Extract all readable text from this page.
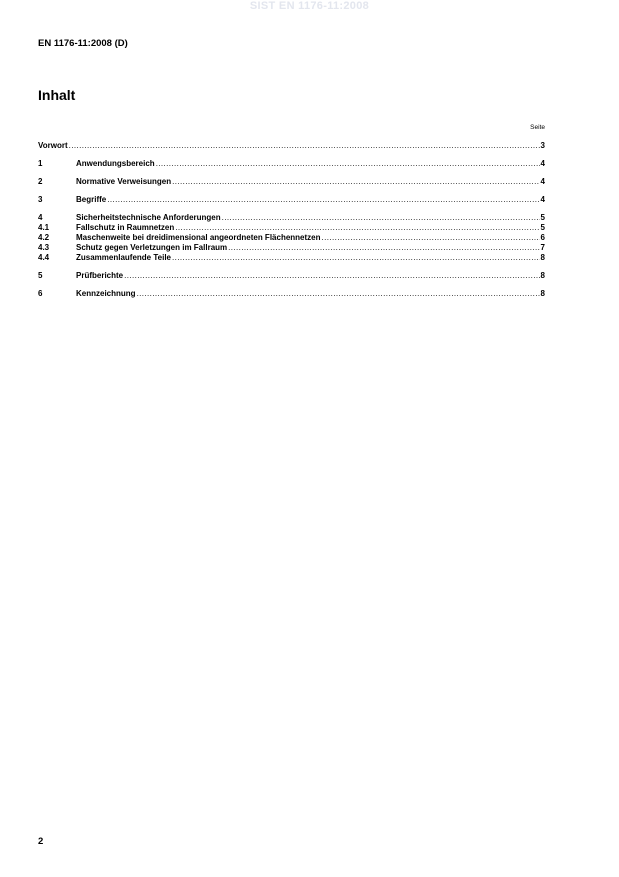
SIST EN 1176-11:2008
EN 1176-11:2008 (D)
Inhalt
Seite
Vorwort .....	3
1	Anwendungsbereich .....	4
2	Normative Verweisungen .....	4
3	Begriffe .....	4
4	Sicherheitstechnische Anforderungen .....	5
4.1	Fallschutz in Raumnetzen .....	5
4.2	Maschenweite bei dreidimensional angeordneten Flächennetzen .....	6
4.3	Schutz gegen Verletzungen im Fallraum .....	7
4.4	Zusammenlaufende Teile .....	8
5	Prüfberichte .....	8
6	Kennzeichnung .....	8
2
